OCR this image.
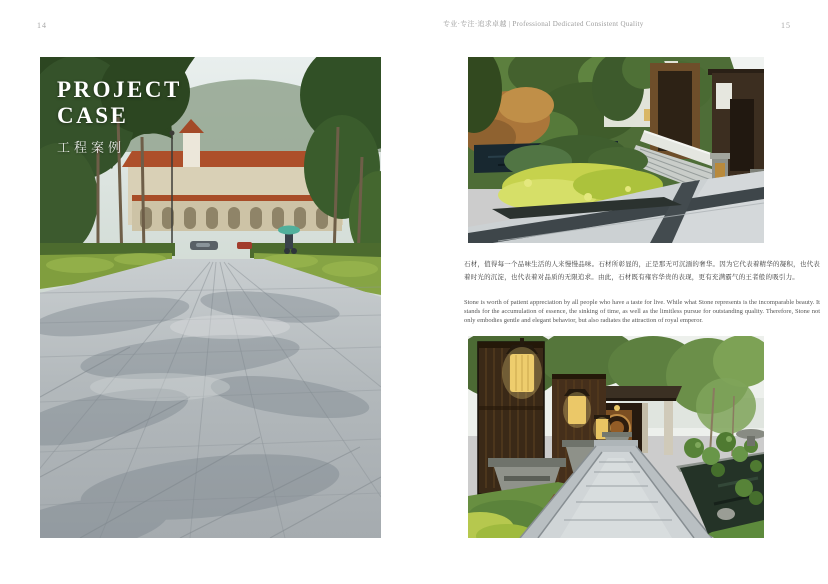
14	专业·专注·追求卓越 | Professional Dedicated Consistent Quality	15
PROJECT
CASE
工程案例

石材，值得每一个品味生活的人来慢慢品味。石材所彰显的，正是那无可沉湎的奢华。因为它代表着精华的凝积，也代表着时光的沉淀，也代表着对品质的无限追求。由此，石材既有雍容华贵的表现，更有充满霸气的王者般的吸引力。

Stone is worth of patient appreciation by all people who have a taste for live. While what Stone represents is the incomparable beauty. It stands for the accumulation of essence, the sinking of time, as well as the limitless pursue for outstanding quality. Therefore, Stone not only embodies gentle and elegant behavior, but also radiates the attraction of royal emperor.
